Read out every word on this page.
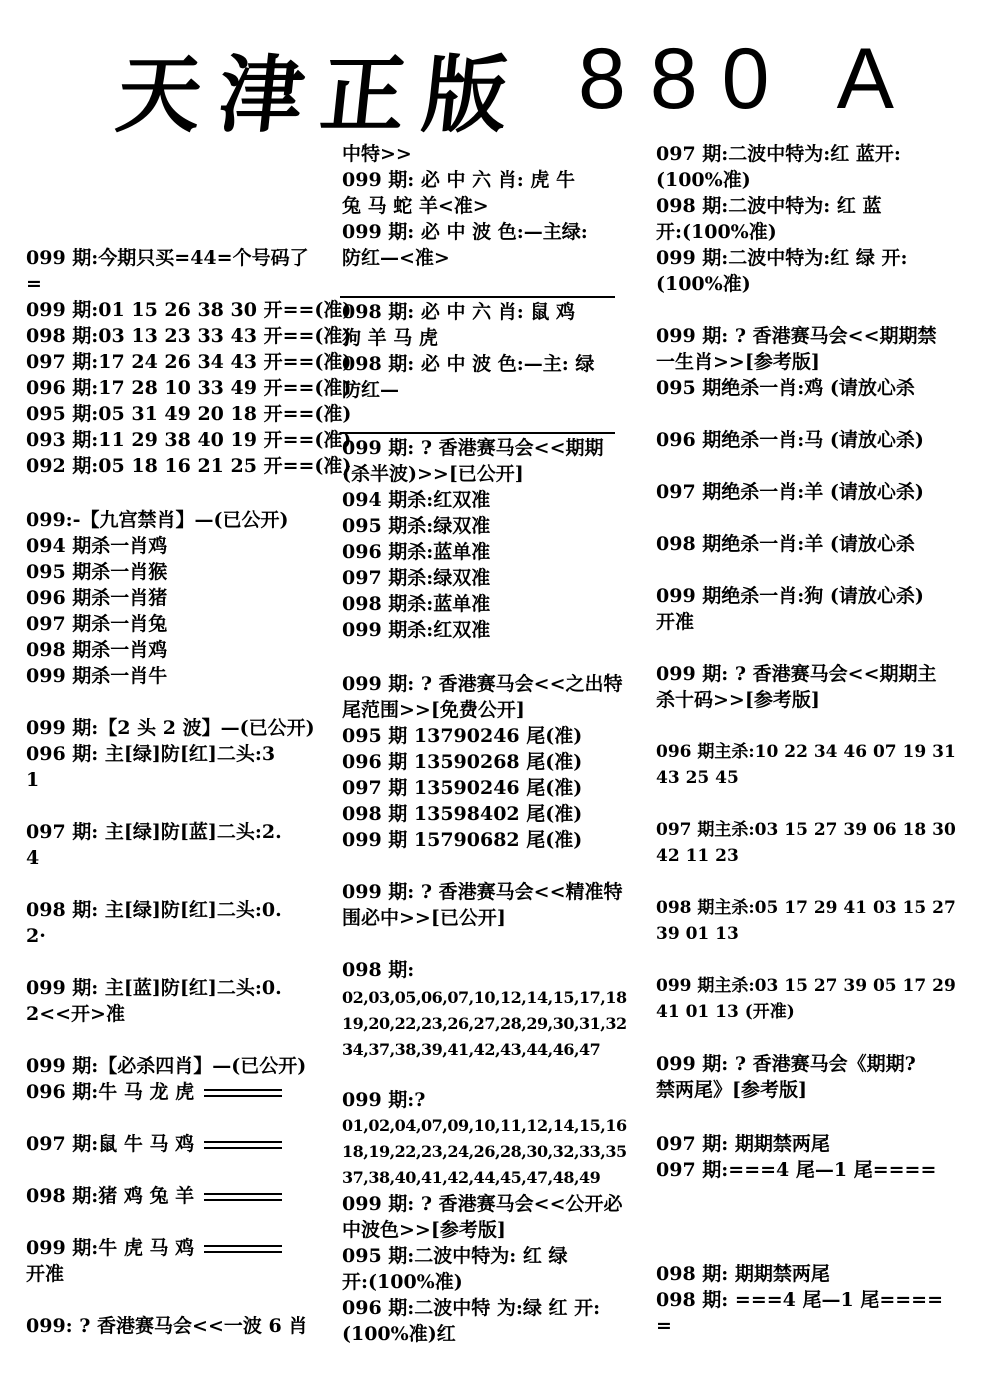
天津正版 880 A
099 期:今期只买=44=个号码了
=
099 期:01 15 26 38 30 开==(准)
098 期:03 13 23 33 43 开==(准)
097 期:17 24 26 34 43 开==(准)
096 期:17 28 10 33 49 开==(准)
095 期:05 31 49 20 18 开==(准)
093 期:11 29 38 40 19 开==(准)
092 期:05 18 16 21 25 开==(准)
099:-【九宫禁肖】—(已公开)
094 期杀一肖鸡
095 期杀一肖猴
096 期杀一肖猪
097 期杀一肖兔
098 期杀一肖鸡
099 期杀一肖牛
099 期:【2 头 2 波】—(已公开)
096 期: 主[绿]防[红]二头:3
1
097 期: 主[绿]防[蓝]二头:2.
4
098 期: 主[绿]防[红]二头:0.
2·
099 期: 主[蓝]防[红]二头:0.
2<<开>准
099 期:【必杀四肖】—(已公开)
096 期:牛 马 龙 虎
097 期:鼠 牛 马 鸡
098 期:猪 鸡 兔 羊
099 期:牛 虎 马 鸡
开准
099: ? 香港赛马会<<一波 6 肖
中特>>
099 期: 必 中 六 肖: 虎 牛
兔 马 蛇 羊<准>
099 期: 必 中 波 色:—主绿:
防红—<准>
098 期: 必 中 六 肖: 鼠 鸡
狗 羊 马 虎
098 期: 必 中 波 色:—主: 绿
防红—
099 期: ? 香港赛马会<<期期
(杀半波)>>[已公开]
094 期杀:红双准
095 期杀:绿双准
096 期杀:蓝单准
097 期杀:绿双准
098 期杀:蓝单准
099 期杀:红双准
099 期: ? 香港赛马会<<之出特
尾范围>>[免费公开]
095 期 13790246 尾(准)
096 期 13590268 尾(准)
097 期 13590246 尾(准)
098 期 13598402 尾(准)
099 期 15790682 尾(准)
099 期: ? 香港赛马会<<精准特
围必中>>[已公开]
098 期:
02,03,05,06,07,10,12,14,15,17,18
19,20,22,23,26,27,28,29,30,31,32
34,37,38,39,41,42,43,44,46,47
099 期:?
01,02,04,07,09,10,11,12,14,15,16
18,19,22,23,24,26,28,30,32,33,35
37,38,40,41,42,44,45,47,48,49
099 期: ? 香港赛马会<<公开必
中波色>>[参考版]
095 期:二波中特为: 红 绿
开:(100%准)
096 期:二波中特 为:绿 红 开:
(100%准)红
097 期:二波中特为:红 蓝开:
(100%准)
098 期:二波中特为: 红 蓝
开:(100%准)
099 期:二波中特为:红 绿 开:
(100%准)
099 期: ? 香港赛马会<<期期禁
一生肖>>[参考版]
095 期绝杀一肖:鸡 (请放心杀
096 期绝杀一肖:马 (请放心杀)
097 期绝杀一肖:羊 (请放心杀)
098 期绝杀一肖:羊 (请放心杀
099 期绝杀一肖:狗 (请放心杀)
开准
099 期: ? 香港赛马会<<期期主
杀十码>>[参考版]
096 期主杀:10 22 34 46 07 19 31
43 25 45
097 期主杀:03 15 27 39 06 18 30
42 11 23
098 期主杀:05 17 29 41 03 15 27
39 01 13
099 期主杀:03 15 27 39 05 17 29
41 01 13 (开准)
099 期: ? 香港赛马会《期期?
禁两尾》[参考版]
097 期: 期期禁两尾
097 期:===4 尾—1 尾====
098 期: 期期禁两尾
098 期: ===4 尾—1 尾====
=
